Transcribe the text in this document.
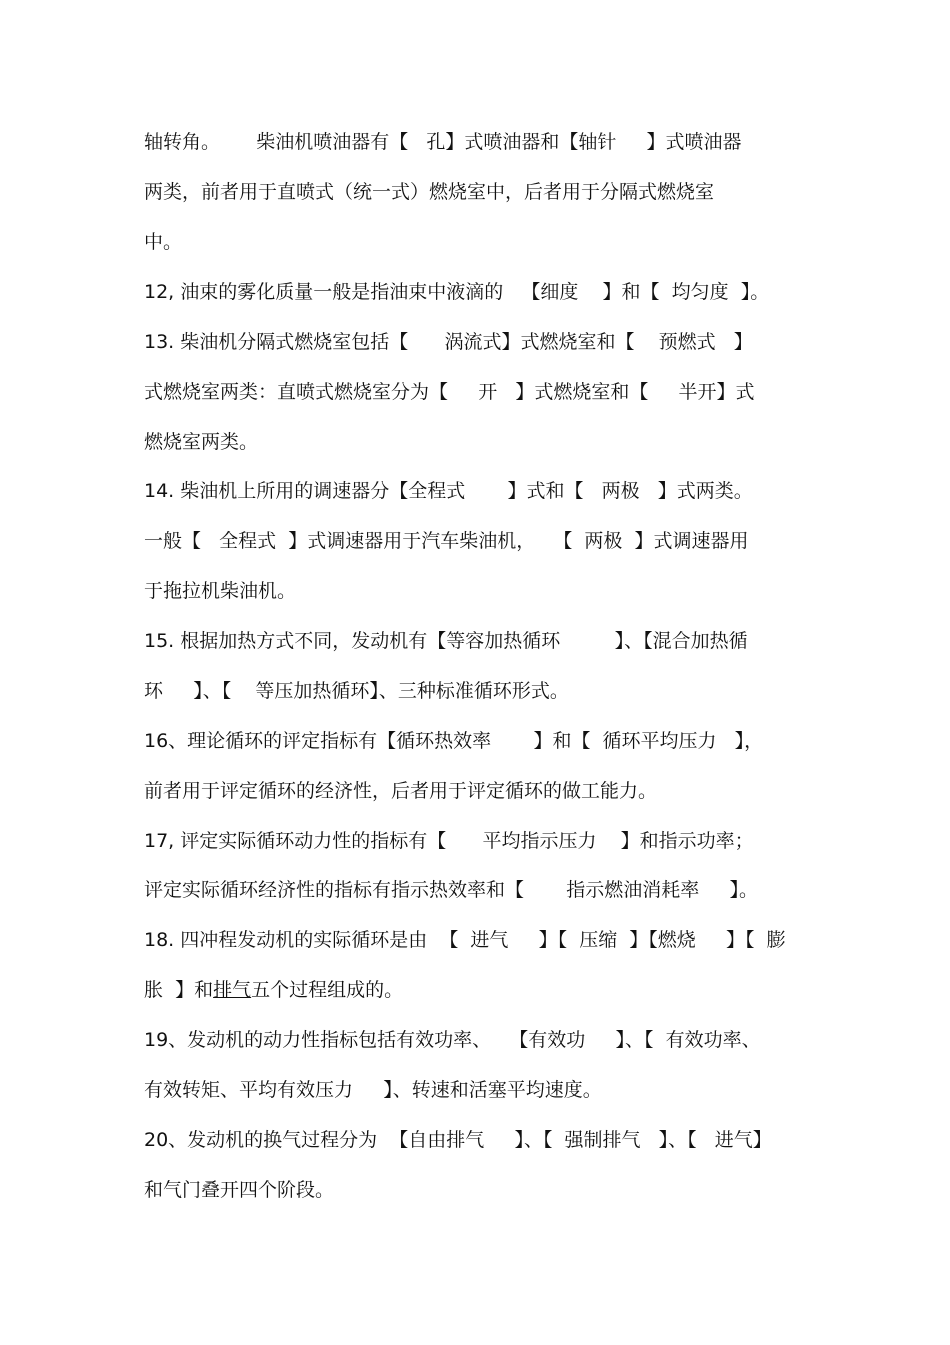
轴转角。      柴油机喷油器有【   孔】式喷油器和【轴针     】式喷油器
两类，前者用于直喷式（统一式）燃烧室中，后者用于分隔式燃烧室
中。
12, 油束的雾化质量一般是指油束中液滴的   【细度    】和【  均匀度  】。
13. 柴油机分隔式燃烧室包括【      涡流式】式燃烧室和【    预燃式   】
式燃烧室两类：直喷式燃烧室分为【     开   】式燃烧室和【     半开】式
燃烧室两类。
14. 柴油机上所用的调速器分【全程式       】式和【   两极   】式两类。
一般【   全程式  】式调速器用于汽车柴油机，   【  两极  】式调速器用
于拖拉机柴油机。
15. 根据加热方式不同，发动机有【等容加热循环         】、【混合加热循
环     】、【    等压加热循环】、三种标准循环形式。
16、理论循环的评定指标有【循环热效率       】和【  循环平均压力   】，
前者用于评定循环的经济性，后者用于评定循环的做工能力。
17, 评定实际循环动力性的指标有【      平均指示压力    】和指示功率；
评定实际循环经济性的指标有指示热效率和【       指示燃油消耗率     】。
18. 四冲程发动机的实际循环是由  【  进气     】【  压缩  】【燃烧     】【  膨
胀  】和排气五个过程组成的。
19、发动机的动力性指标包括有效功率、   【有效功     】、【  有效功率、
有效转矩、平均有效压力     】、转速和活塞平均速度。
20、发动机的换气过程分为  【自由排气     】、【  强制排气   】、【   进气】
和气门叠开四个阶段。
